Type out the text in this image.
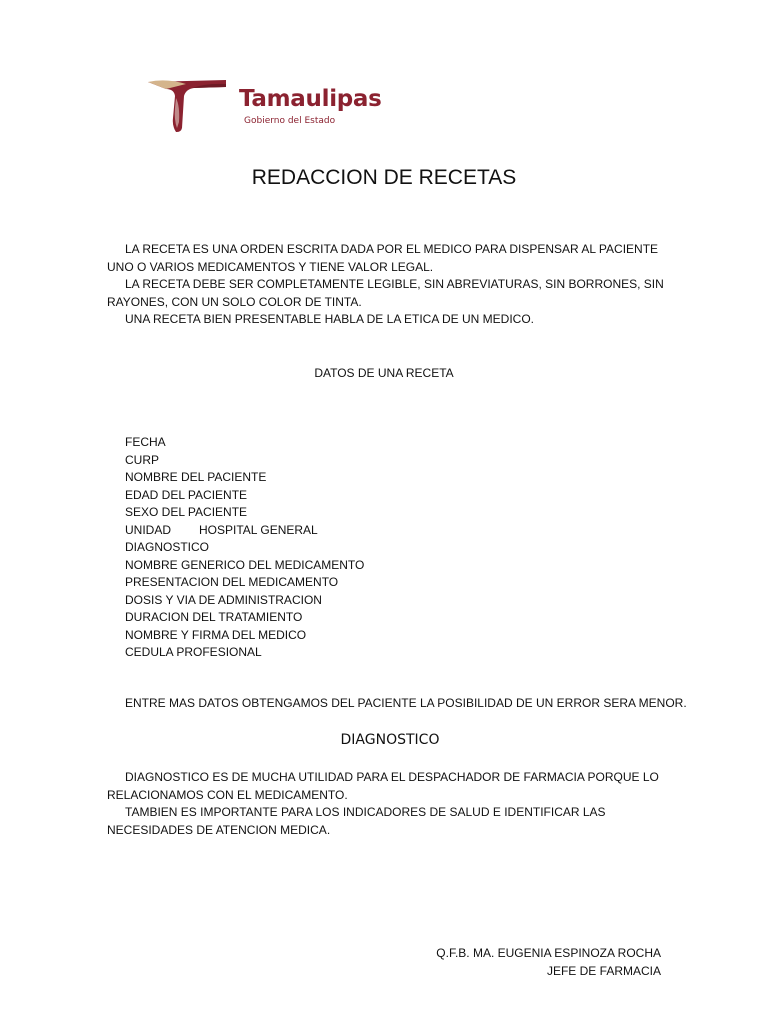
Tamaulipas
Gobierno del Estado
REDACCION DE RECETAS

LA RECETA ES UNA ORDEN ESCRITA DADA POR EL MEDICO PARA DISPENSAR AL PACIENTE UNO O VARIOS MEDICAMENTOS Y TIENE VALOR LEGAL.

LA RECETA DEBE SER COMPLETAMENTE LEGIBLE, SIN ABREVIATURAS, SIN BORRONES, SIN RAYONES, CON UN SOLO COLOR DE TINTA.

UNA RECETA BIEN PRESENTABLE HABLA DE LA ETICA DE UN MEDICO.

DATOS DE UNA RECETA
FECHA
CURP
NOMBRE DEL PACIENTE
EDAD DEL PACIENTE
SEXO DEL PACIENTE
UNIDAD HOSPITAL GENERAL
DIAGNOSTICO
NOMBRE GENERICO DEL MEDICAMENTO
PRESENTACION DEL MEDICAMENTO
DOSIS Y VIA DE ADMINISTRACION
DURACION DEL TRATAMIENTO
NOMBRE Y FIRMA DEL MEDICO
CEDULA PROFESIONAL
ENTRE MAS DATOS OBTENGAMOS DEL PACIENTE LA POSIBILIDAD DE UN ERROR SERA MENOR.
DIAGNOSTICO

DIAGNOSTICO ES DE MUCHA UTILIDAD PARA EL DESPACHADOR DE FARMACIA PORQUE LO RELACIONAMOS CON EL MEDICAMENTO.

TAMBIEN ES IMPORTANTE PARA LOS INDICADORES DE SALUD E IDENTIFICAR LAS NECESIDADES DE ATENCION MEDICA.

Q.F.B. MA. EUGENIA ESPINOZA ROCHA
JEFE DE FARMACIA
